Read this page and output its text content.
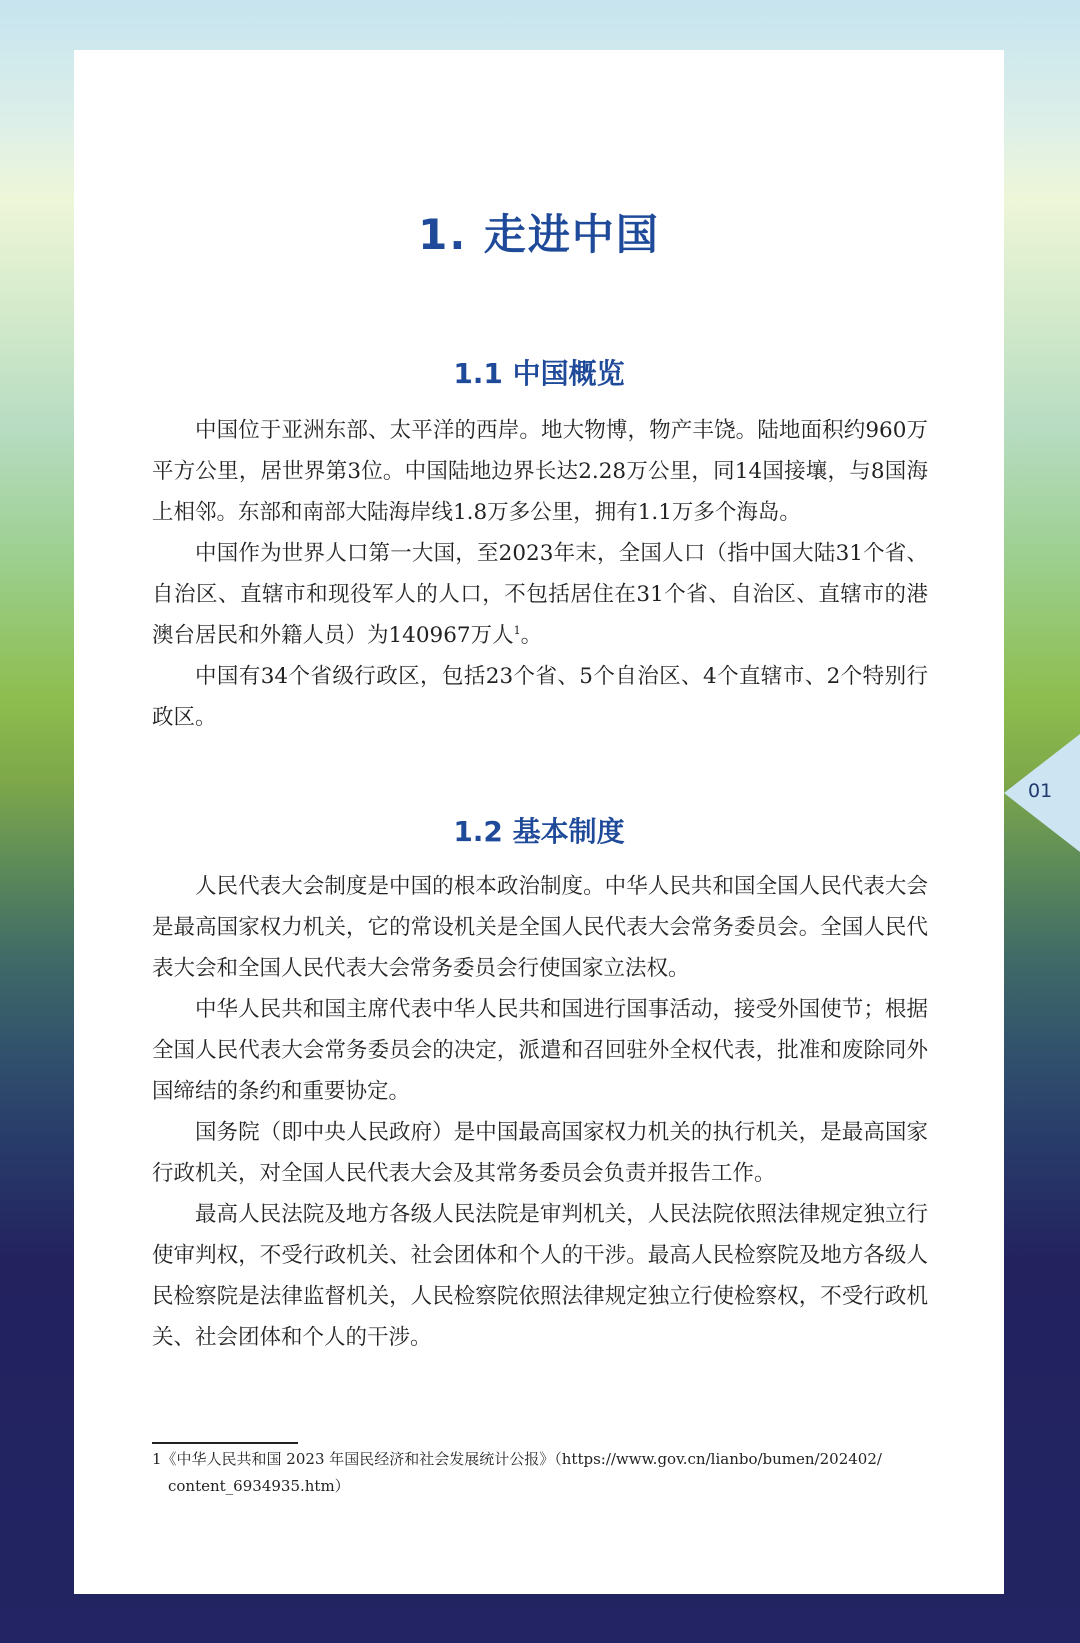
01
1. 走进中国
1.1 中国概览

中国位于亚洲东部、太平洋的西岸。地大物博，物产丰饶。陆地面积约960万平方公里，居世界第3位。中国陆地边界长达2.28万公里，同14国接壤，与8国海上相邻。东部和南部大陆海岸线1.8万多公里，拥有1.1万多个海岛。

中国作为世界人口第一大国，至2023年末，全国人口（指中国大陆31个省、自治区、直辖市和现役军人的人口，不包括居住在31个省、自治区、直辖市的港澳台居民和外籍人员）为140967万人$^1$。

中国有34个省级行政区，包括23个省、5个自治区、4个直辖市、2个特别行政区。

1.2 基本制度

人民代表大会制度是中国的根本政治制度。中华人民共和国全国人民代表大会是最高国家权力机关，它的常设机关是全国人民代表大会常务委员会。全国人民代表大会和全国人民代表大会常务委员会行使国家立法权。

中华人民共和国主席代表中华人民共和国进行国事活动，接受外国使节；根据全国人民代表大会常务委员会的决定，派遣和召回驻外全权代表，批准和废除同外国缔结的条约和重要协定。

国务院（即中央人民政府）是中国最高国家权力机关的执行机关，是最高国家行政机关，对全国人民代表大会及其常务委员会负责并报告工作。

最高人民法院及地方各级人民法院是审判机关，人民法院依照法律规定独立行使审判权，不受行政机关、社会团体和个人的干涉。最高人民检察院及地方各级人民检察院是法律监督机关，人民检察院依照法律规定独立行使检察权，不受行政机关、社会团体和个人的干涉。

1《中华人民共和国 2023 年国民经济和社会发展统计公报》（https://www.gov.cn/lianbo/bumen/202402/
content_6934935.htm）
